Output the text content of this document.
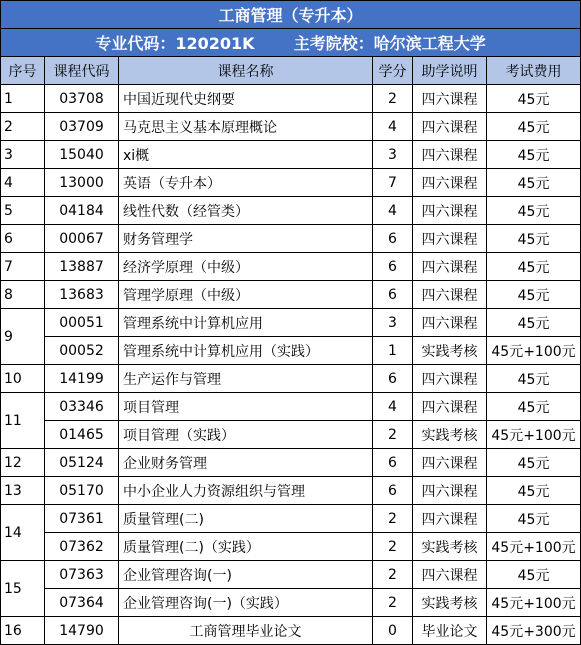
工商管理（专升本）					
专业代码：120201K 主考院校：哈尔滨工程大学					
序号	课程代码	课程名称	学分	助学说明	考试费用
1	03708	中国近现代史纲要	2	四六课程	45元
2	03709	马克思主义基本原理概论	4	四六课程	45元
3	15040	xi概	3	四六课程	45元
4	13000	英语（专升本）	7	四六课程	45元
5	04184	线性代数（经管类）	4	四六课程	45元
6	00067	财务管理学	6	四六课程	45元
7	13887	经济学原理（中级）	6	四六课程	45元
8	13683	管理学原理（中级）	6	四六课程	45元
9	00051	管理系统中计算机应用	3	四六课程	45元
	00052	管理系统中计算机应用（实践）	1	实践考核	45元+100元
10	14199	生产运作与管理	6	四六课程	45元
11	03346	项目管理	4	四六课程	45元
	01465	项目管理（实践）	2	实践考核	45元+100元
12	05124	企业财务管理	6	四六课程	45元
13	05170	中小企业人力资源组织与管理	6	四六课程	45元
14	07361	质量管理(二)	2	四六课程	45元
	07362	质量管理(二)（实践）	2	实践考核	45元+100元
15	07363	企业管理咨询(一)	2	四六课程	45元
	07364	企业管理咨询(一)（实践）	2	实践考核	45元+100元
16	14790	工商管理毕业论文	0	毕业论文	45元+300元
